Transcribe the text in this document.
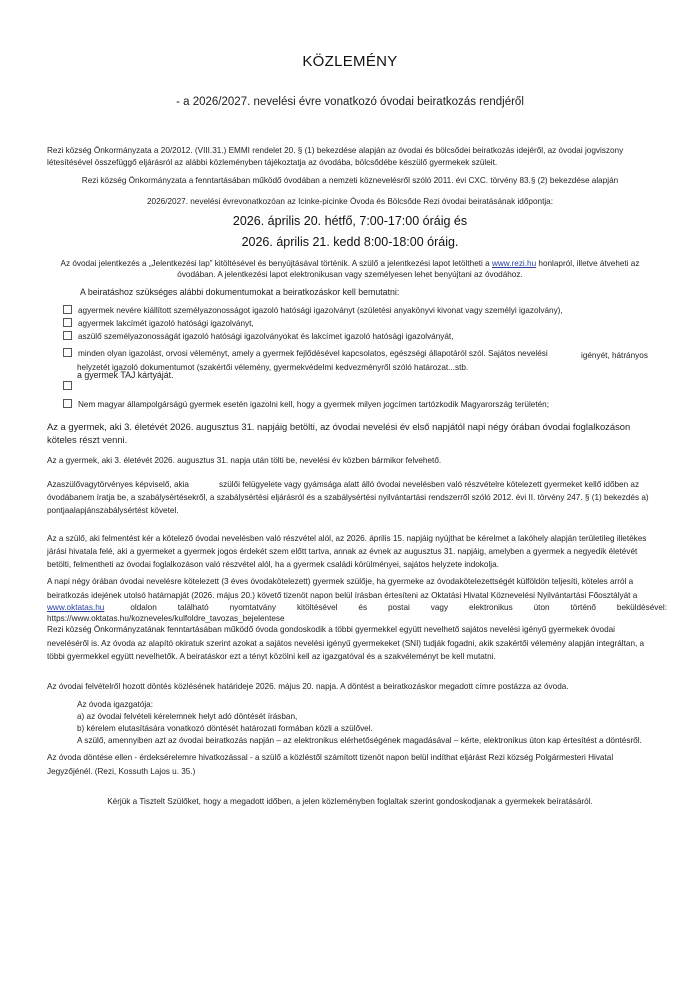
KÖZLEMÉNY
- a 2026/2027. nevelési évre vonatkozó óvodai beiratkozás rendjéről
Rezi község Önkormányzata a 20/2012. (VIII.31.) EMMI rendelet 20. § (1) bekezdése alapján az óvodai és bölcsődei beiratkozás idejéről, az óvodai jogviszony
létesítésével összefüggő eljárásról az alábbi közleményben tájékoztatja az óvodába, bölcsődébe készülő gyermekek szüleit.
Rezi község Önkormányzata a fenntartásában működő óvodában a nemzeti köznevelésről szóló 2011. évi CXC. törvény 83.§ (2) bekezdése alapján
2026/2027. nevelési évrevonatkozóan az Icinke-picinke Óvoda és Bölcsőde Rezi óvodai beiratásának időpontja:
2026. április 20. hétfő, 7:00-17:00 óráig és
2026. április 21. kedd 8:00-18:00 óráig.
Az óvodai jelentkezés a „Jelentkezési lap” kitöltésével és benyújtásával történik. A szülő a jelentkezési lapot letöltheti a www.rezi.hu honlapról, illetve átveheti az
óvodában. A jelentkezési lapot elektronikusan vagy személyesen lehet benyújtani az óvodához.
A beiratáshoz szükséges alábbi dokumentumokat a beiratkozáskor kell bemutatni:
agyermek nevére kiállított személyazonosságot igazoló hatósági igazolványt (születési anyakönyvi kivonat vagy személyi igazolvány),
agyermek lakcímét igazoló hatósági igazolványt,
aszülő személyazonosságát igazoló hatósági igazolványokat és lakcímet igazoló hatósági igazolványát,
minden olyan igazolást, orvosi véleményt, amely a gyermek fejlődésével kapcsolatos, egészségi állapotáról szól. Sajátos nevelési	igényét, hátrányos
helyzetét igazoló dokumentumot (szakértői vélemény, gyermekvédelmi kedvezményről szóló határozat...stb.
a gyermek TAJ kártyáját.
Nem magyar állampolgárságú gyermek esetén igazolni kell, hogy a gyermek milyen jogcímen tartózkodik Magyarország területén;
Az a gyermek, aki 3. életévét 2026. augusztus 31. napjáig betölti, az óvodai nevelési év első napjától napi négy órában óvodai foglalkozáson
köteles részt venni.
Az a gyermek, aki 3. életévét 2026. augusztus 31. napja után tölti be, nevelési év közben bármikor felvehető.
Azaszülővagytörvényes képviselő, akia	szülői felügyelete vagy gyámsága alatt álló óvodai nevelésben való részvételre kötelezett gyermeket kellő időben az
óvodábanem íratja be, a szabálysértésekről, a szabálysértési eljárásról és a szabálysértési nyilvántartási rendszerről szóló 2012. évi II. törvény 247. § (1) bekezdés a)
pontjaalapjánszabálysértést követel.
Az a szülő, aki felmentést kér a kötelező óvodai nevelésben való részvétel alól, az 2026. április 15. napjáig nyújthat be kérelmet a lakóhely alapján területileg illetékes
járási hivatala felé, aki a gyermeket a gyermek jogos érdekét szem előtt tartva, annak az évnek az augusztus 31. napjáig, amelyben a gyermek a negyedik életévét
betölti, felmentheti az óvodai foglalkozáson való részvétel alól, ha a gyermek családi körülményei, sajátos helyzete indokolja.
A napi négy órában óvodai nevelésre kötelezett (3 éves óvodakötelezett) gyermek szülője, ha gyermeke az óvodakötelezettségét külföldön teljesíti, köteles arról a
beiratkozás idejének utolsó határnapját (2026. május 20.) követő tizenöt napon belül írásban értesíteni az Oktatási Hivatal Köznevelési Nyilvántartási Főosztályát a
www.oktatas.hu	oldalon található nyomtatvány kitöltésével és postai vagy elektronikus úton történő beküldésével:
https://www.oktatas.hu/kozneveles/kulfoldre_tavozas_bejelentese
Rezi község Önkormányzatának fenntartásában működő óvoda gondoskodik a többi gyermekkel együtt nevelhető sajátos nevelési igényű gyermekek óvodai
neveléséről is. Az óvoda az alapító okiratuk szerint azokat a sajátos nevelési igényű gyermekeket (SNI) tudják fogadni, akik szakértői vélemény alapján integráltan, a
többi gyermekkel együtt nevelhetők. A beiratáskor ezt a tényt közölni kell az igazgatóval és a szakvéleményt be kell mutatni.
Az óvodai felvételről hozott döntés közlésének határideje 2026. május 20. napja. A döntést a beiratkozáskor megadott címre postázza az óvoda.
Az óvoda igazgatója:
a) az óvodai felvételi kérelemnek helyt adó döntését írásban,
b) kérelem elutasítására vonatkozó döntését határozati formában közli a szülővel.
A szülő, amennyiben azt az óvodai beiratkozás napján – az elektronikus elérhetőségének magadásával – kérte, elektronikus úton kap értesítést a döntésről.
Az óvoda döntése ellen - érdeksérelemre hivatkozással - a szülő a közléstől számított tizenöt napon belül indíthat eljárást Rezi község Polgármesteri Hivatal
Jegyzőjénél. (Rezi, Kossuth Lajos u. 35.)
Kérjük a Tisztelt Szülőket, hogy a megadott időben, a jelen közleményben foglaltak szerint gondoskodjanak a gyermekek beíratásáról.
